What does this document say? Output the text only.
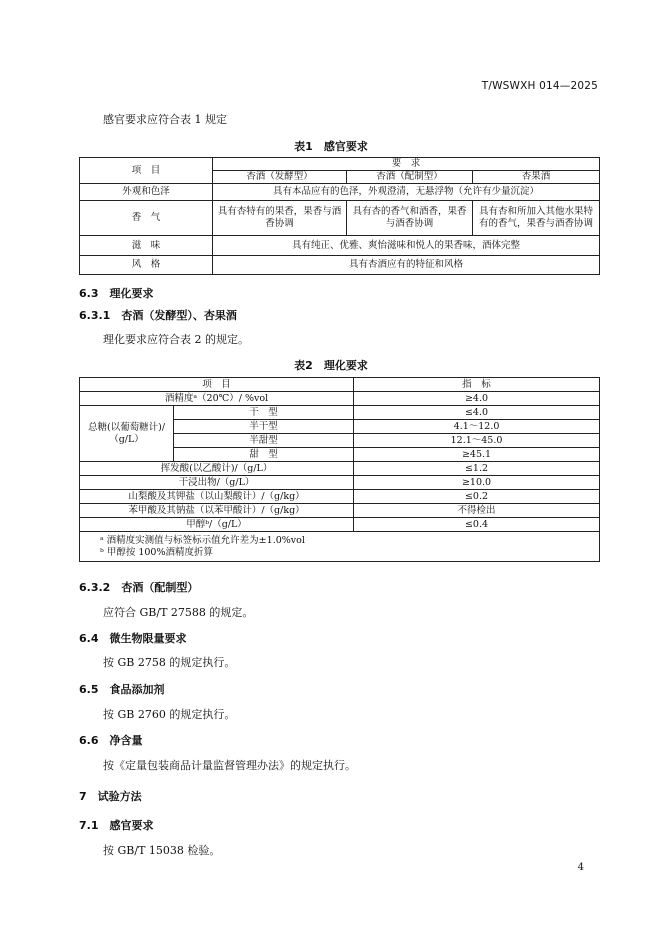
T/WSWXH 014—2025
感官要求应符合表 1 规定
表1　感官要求
项　目	要　求		
	杏酒（发酵型）	杏酒（配制型）	杏果酒
外观和色泽	具有本品应有的色泽，外观澄清，无悬浮物（允许有少量沉淀）		
香　气	具有杏特有的果香，果香与酒香协调	具有杏的香气和酒香，果香与酒香协调	具有杏和所加入其他水果特有的香气，果香与酒香协调
滋　味	具有纯正、优雅、爽怡滋味和悦人的果香味，酒体完整		
风　格	具有杏酒应有的特征和风格		
6.3　理化要求
6.3.1　杏酒（发酵型）、杏果酒
理化要求应符合表 2 的规定。
表2　理化要求
项　目		指　标
酒精度ᵃ（20℃）/ %vol		≥4.0
总糖(以葡萄糖计)/（g/L）	干　型	≤4.0
	半干型	4.1～12.0
	半甜型	12.1～45.0
	甜　型	≥45.1
挥发酸(以乙酸计)/（g/L）		≤1.2
干浸出物/（g/L）		≥10.0
山梨酸及其钾盐（以山梨酸计）/（g/kg）		≤0.2
苯甲酸及其钠盐（以苯甲酸计）/（g/kg）		不得检出
甲醇ᵇ/（g/L）		≤0.4

ᵃ 酒精度实测值与标签标示值允许差为±1.0%vol
ᵇ 甲醇按 100%酒精度折算		
6.3.2　杏酒（配制型）
应符合 GB/T 27588 的规定。
6.4　微生物限量要求
按 GB 2758 的规定执行。
6.5　食品添加剂
按 GB 2760 的规定执行。
6.6　净含量
按《定量包装商品计量监督管理办法》的规定执行。
7　试验方法
7.1　感官要求
按 GB/T 15038 检验。
4
